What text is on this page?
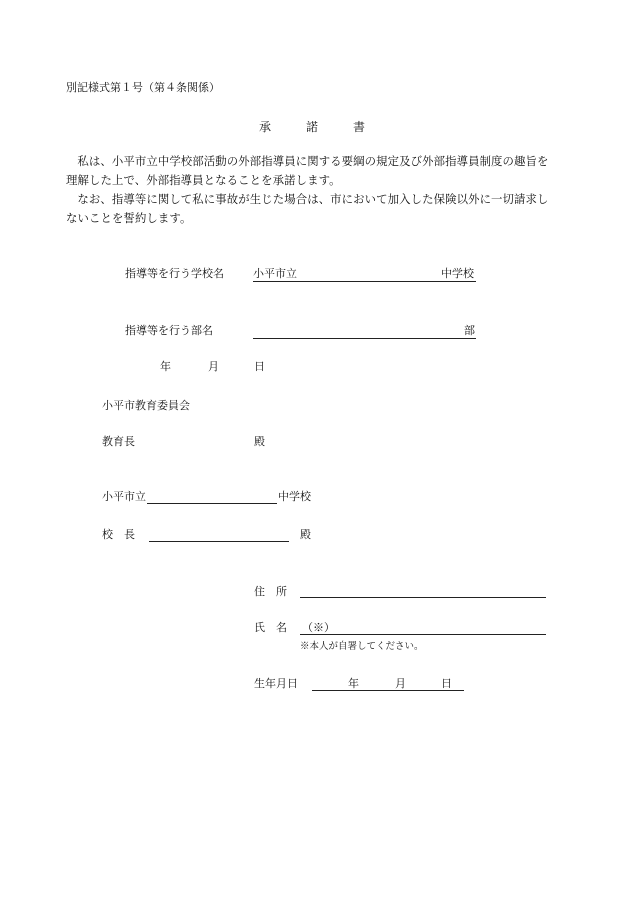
別記様式第１号（第４条関係）
承	諾	書

私は、小平市立中学校部活動の外部指導員に関する要綱の規定及び外部指導員制度の趣旨を理解した上で、外部指導員となることを承諾します。

なお、指導等に関して私に事故が生じた場合は、市において加入した保険以外に一切請求しないことを誓約します。

指導等を行う学校名	小平市立	中学校
指導等を行う部名	部
年	月	日
小平市教育委員会
教育長	殿
小平市立	中学校
校　長	殿
住　所
氏　名 （※）
※本人が自署してください。
生年月日	年	月	日
